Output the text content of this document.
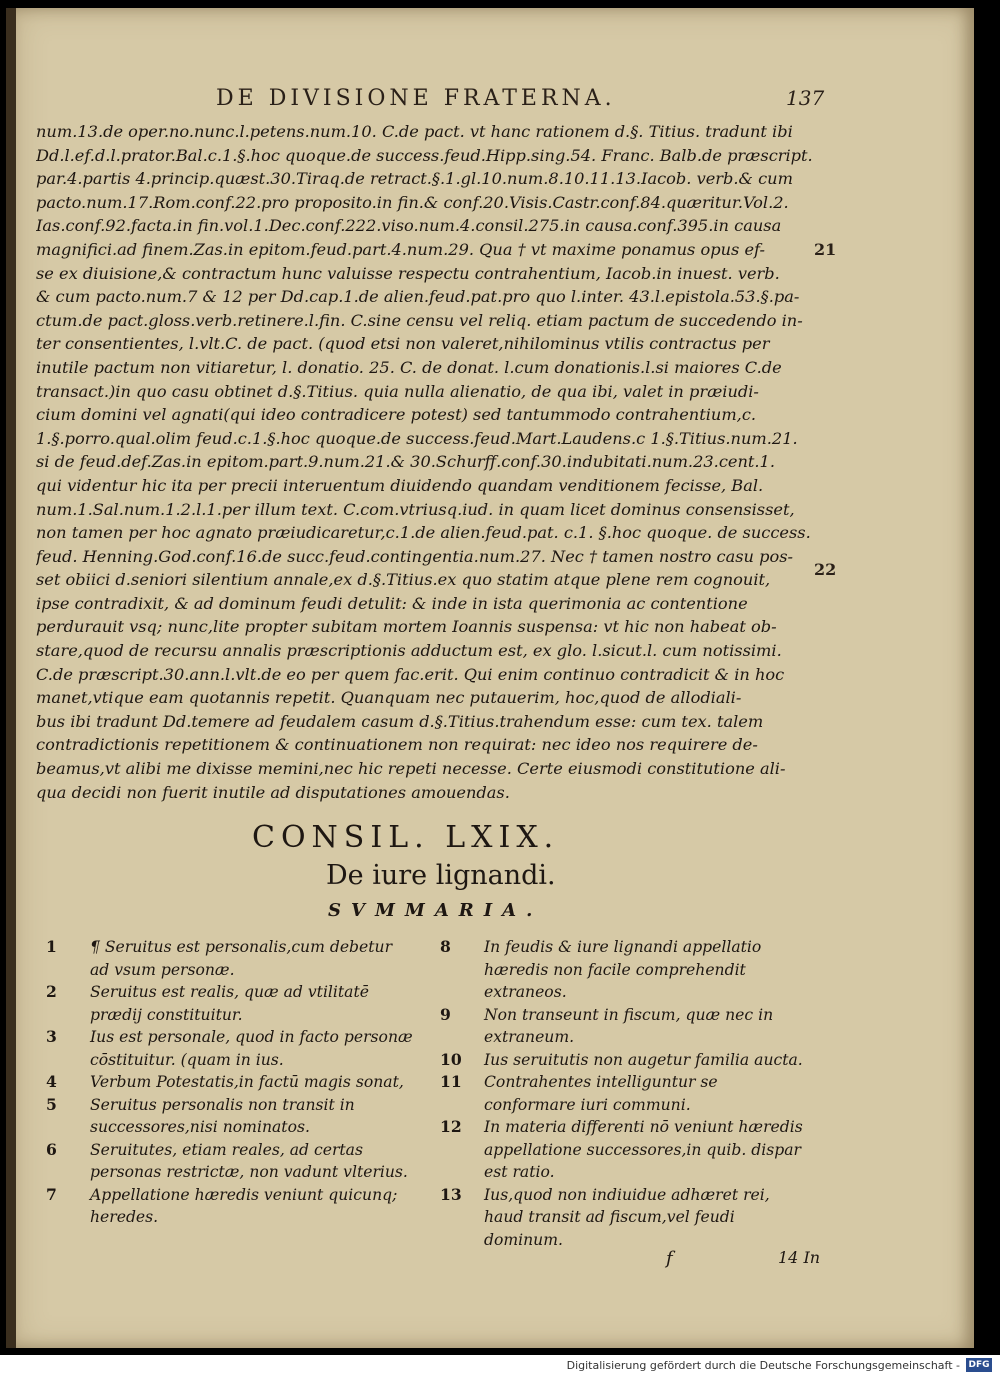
DE DIVISIONE FRATERNA.	137
num.13.de oper.no.nunc.l.petens.num.10. C.de pact. vt hanc rationem d.§. Titius. tradunt ibi
Dd.l.ef.d.l.prator.Bal.c.1.§.hoc quoque.de success.feud.Hipp.sing.54. Franc. Balb.de præscript.
par.4.partis 4.princip.quæst.30.Tiraq.de retract.§.1.gl.10.num.8.10.11.13.Iacob. verb.& cum
pacto.num.17.Rom.conf.22.pro proposito.in fin.& conf.20.Visis.Castr.conf.84.quæritur.Vol.2.
Ias.conf.92.facta.in fin.vol.1.Dec.conf.222.viso.num.4.consil.275.in causa.conf.395.in causa
magnifici.ad finem.Zas.in epitom.feud.part.4.num.29. Qua † vt maxime ponamus opus ef-
se ex diuisione,& contractum hunc valuisse respectu contrahentium, Iacob.in inuest. verb.
& cum pacto.num.7 & 12 per Dd.cap.1.de alien.feud.pat.pro quo l.inter. 43.l.epistola.53.§.pa-
ctum.de pact.gloss.verb.retinere.l.fin. C.sine censu vel reliq. etiam pactum de succedendo in-
ter consentientes, l.vlt.C. de pact. (quod etsi non valeret,nihilominus vtilis contractus per
inutile pactum non vitiaretur, l. donatio. 25. C. de donat. l.cum donationis.l.si maiores C.de
transact.)in quo casu obtinet d.§.Titius. quia nulla alienatio, de qua ibi, valet in præiudi-
cium domini vel agnati(qui ideo contradicere potest) sed tantummodo contrahentium,c.
1.§.porro.qual.olim feud.c.1.§.hoc quoque.de success.feud.Mart.Laudens.c 1.§.Titius.num.21.
si de feud.def.Zas.in epitom.part.9.num.21.& 30.Schurff.conf.30.indubitati.num.23.cent.1.
qui videntur hic ita per precii interuentum diuidendo quandam venditionem fecisse, Bal.
num.1.Sal.num.1.2.l.1.per illum text. C.com.vtriusq.iud. in quam licet dominus consensisset,
non tamen per hoc agnato præiudicaretur,c.1.de alien.feud.pat. c.1. §.hoc quoque. de success.
feud. Henning.God.conf.16.de succ.feud.contingentia.num.27. Nec † tamen nostro casu pos-
set obiici d.seniori silentium annale,ex d.§.Titius.ex quo statim atque plene rem cognouit,
ipse contradixit, & ad dominum feudi detulit: & inde in ista querimonia ac contentione
perdurauit vsq; nunc,lite propter subitam mortem Ioannis suspensa: vt hic non habeat ob-
stare,quod de recursu annalis præscriptionis adductum est, ex glo. l.sicut.l. cum notissimi.
C.de præscript.30.ann.l.vlt.de eo per quem fac.erit. Qui enim continuo contradicit & in hoc
manet,vtique eam quotannis repetit. Quanquam nec putauerim, hoc,quod de allodiali-
bus ibi tradunt Dd.temere ad feudalem casum d.§.Titius.trahendum esse: cum tex. talem
contradictionis repetitionem & continuationem non requirat: nec ideo nos requirere de-
beamus,vt alibi me dixisse memini,nec hic repeti necesse. Certe eiusmodi constitutione ali-
qua decidi non fuerit inutile ad disputationes amouendas.
21
22
CONSIL. LXIX.
De iure lignandi.
SVMMARIA.
1	¶ Seruitus est personalis,cum debetur ad vsum personæ.
2	Seruitus est realis, quæ ad vtilitatē prædij constituitur.
3	Ius est personale, quod in facto personæ cōstituitur. (quam in ius.
4	Verbum Potestatis,in factū magis sonat,
5	Seruitus personalis non transit in successores,nisi nominatos.
6	Seruitutes, etiam reales, ad certas personas restrictæ, non vadunt vlterius.
7	Appellatione hæredis veniunt quicunq; heredes.
8	In feudis & iure lignandi appellatio hæredis non facile comprehendit extraneos.
9	Non transeunt in fiscum, quæ nec in extraneum.
10	Ius seruitutis non augetur familia aucta.
11	Contrahentes intelliguntur se conformare iuri communi.
12	In materia differenti nō veniunt hæredis appellatione successores,in quib. dispar est ratio.
13	Ius,quod non indiuidue adhæret rei, haud transit ad fiscum,vel feudi dominum.
f	14 In
Digitalisierung gefördert durch die Deutsche Forschungsgemeinschaft - DFG
